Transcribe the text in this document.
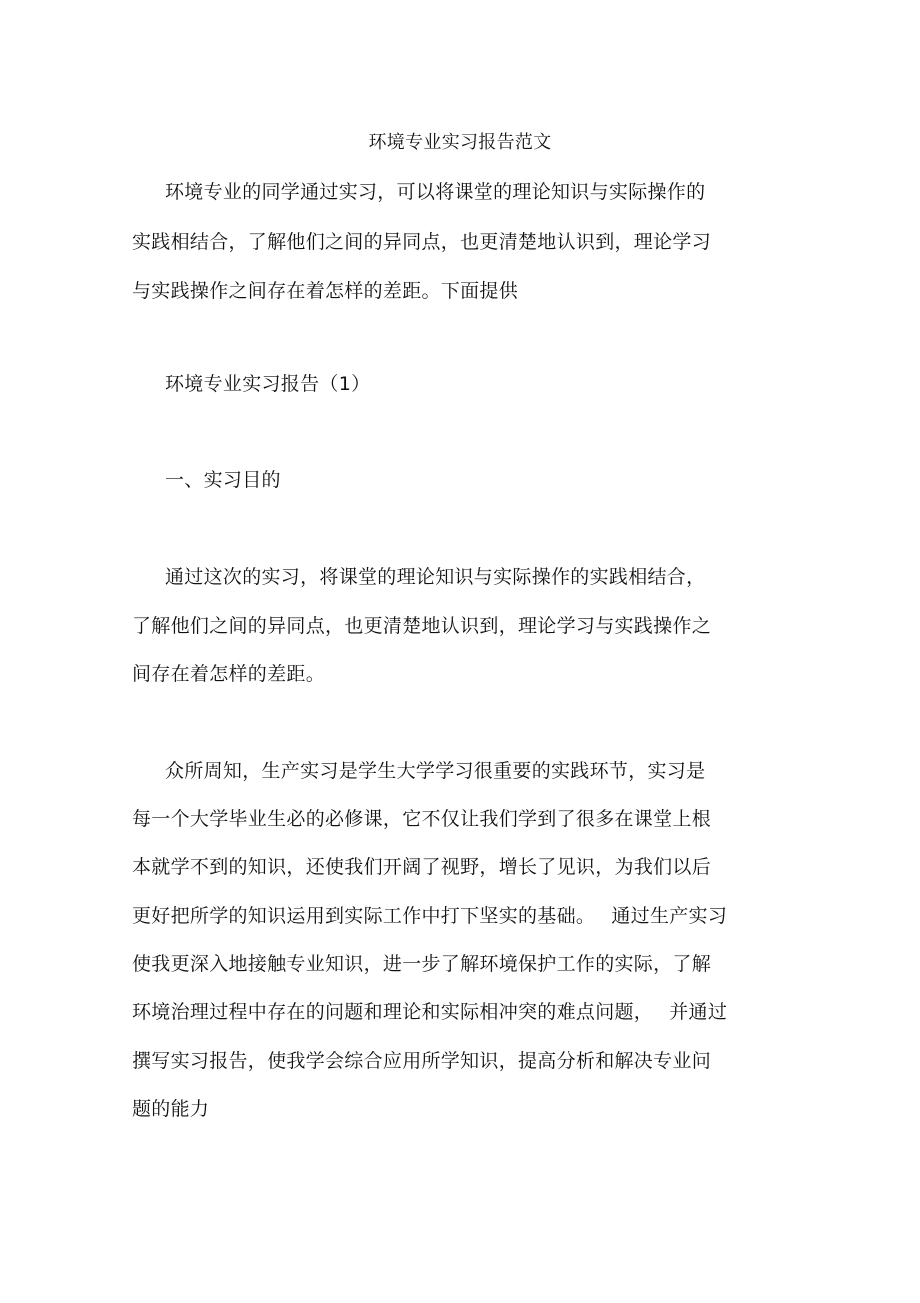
环境专业实习报告范文
环境专业的同学通过实习，可以将课堂的理论知识与实际操作的
实践相结合，了解他们之间的异同点，也更清楚地认识到，理论学习
与实践操作之间存在着怎样的差距。下面提供
环境专业实习报告（1）
一、实习目的
通过这次的实习，将课堂的理论知识与实际操作的实践相结合，
了解他们之间的异同点，也更清楚地认识到，理论学习与实践操作之
间存在着怎样的差距。
众所周知，生产实习是学生大学学习很重要的实践环节，实习是
每一个大学毕业生必的必修课，它不仅让我们学到了很多在课堂上根
本就学不到的知识，还使我们开阔了视野，增长了见识，为我们以后
更好把所学的知识运用到实际工作中打下坚实的基础。　 通过生产实习
使我更深入地接触专业知识，进一步了解环境保护工作的实际，了解
环境治理过程中存在的问题和理论和实际相冲突的难点问题，　 并通过
撰写实习报告，使我学会综合应用所学知识，提高分析和解决专业问
题的能力
